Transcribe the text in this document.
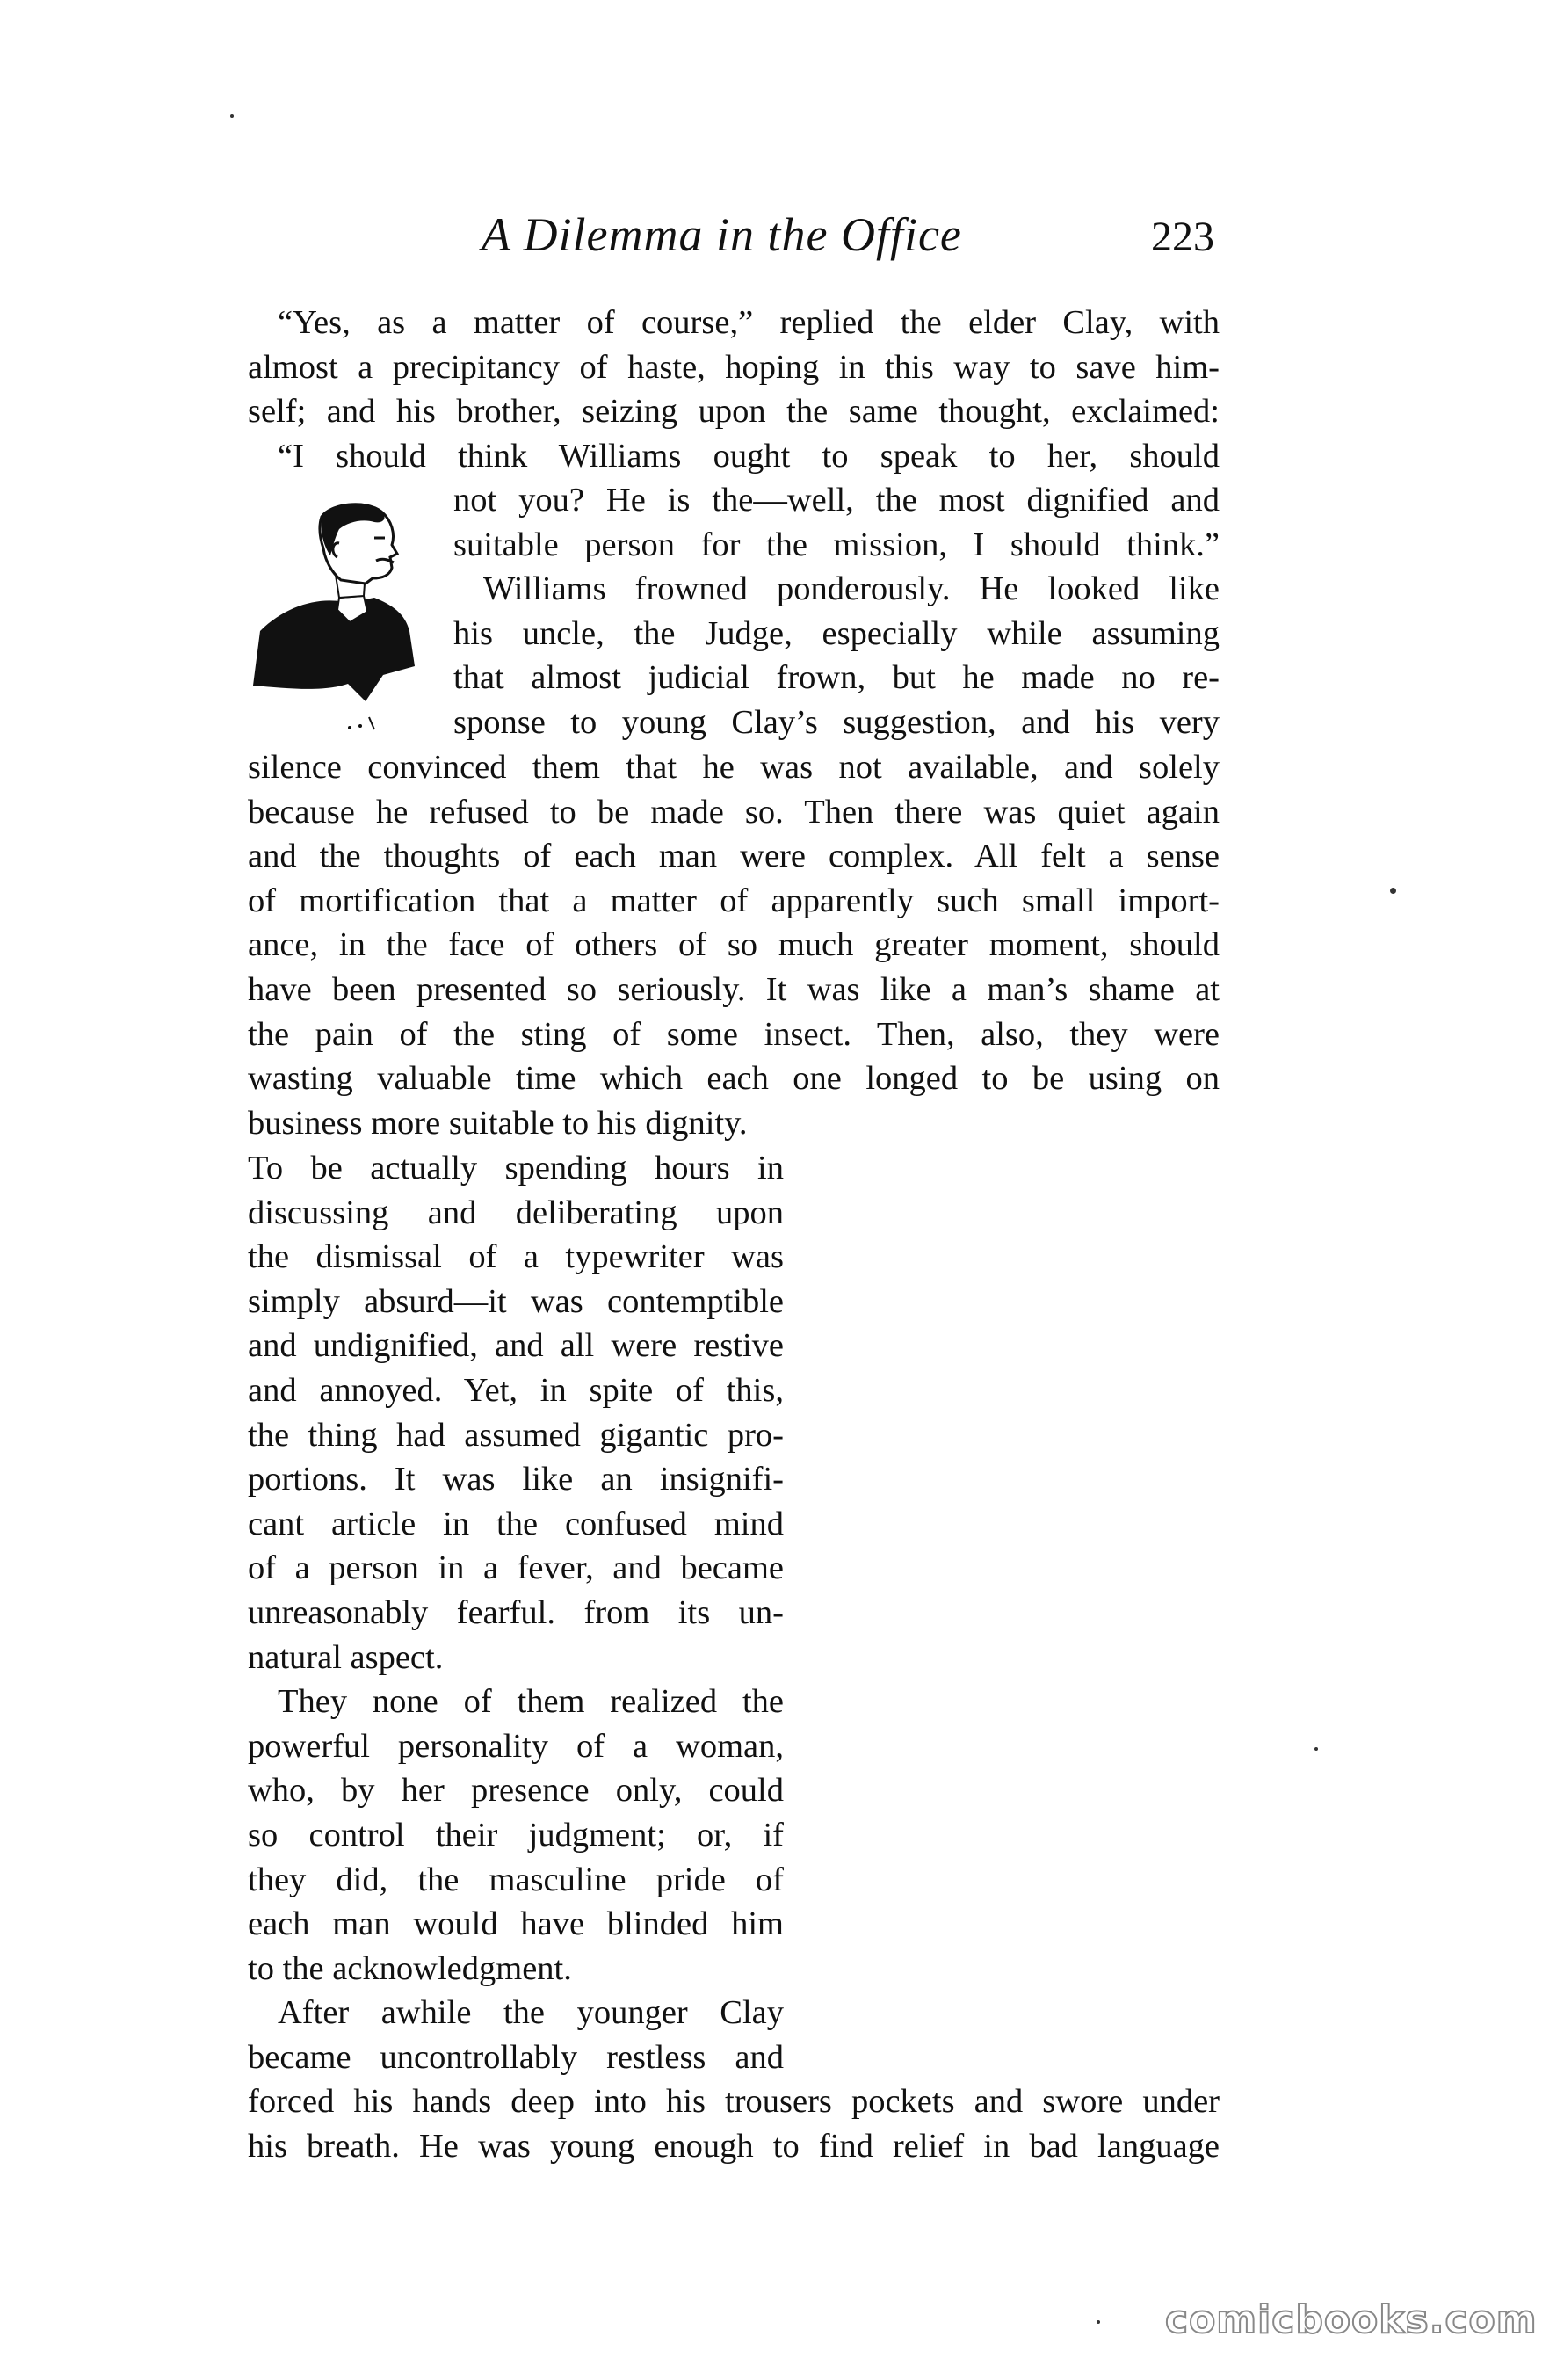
A Dilemma in the Office	223
“Yes, as a matter of course,” replied the elder Clay, with
almost a precipitancy of haste, hoping in this way to save him-
self; and his brother, seizing upon the same thought, exclaimed:
“I should think Williams ought to speak to her, should
not you? He is the—well, the most dignified and
suitable person for the mission, I should think.”
Williams frowned ponderously. He looked like
his uncle, the Judge, especially while assuming
that almost judicial frown, but he made no re-
sponse to young Clay’s suggestion, and his very
silence convinced them that he was not available, and solely
because he refused to be made so. Then there was quiet again
and the thoughts of each man were complex. All felt a sense
of mortification that a matter of apparently such small import-
ance, in the face of others of so much greater moment, should
have been presented so seriously. It was like a man’s shame at
the pain of the sting of some insect. Then, also, they were
wasting valuable time which each one longed to be using on
business more suitable to his dignity.
To be actually spending hours in
discussing and deliberating upon
the dismissal of a typewriter was
simply absurd—it was contemptible
and undignified, and all were restive
and annoyed. Yet, in spite of this,
the thing had assumed gigantic pro-
portions. It was like an insignifi-
cant article in the confused mind
of a person in a fever, and became
unreasonably fearful. from its un-
natural aspect.
They none of them realized the
powerful personality of a woman,
who, by her presence only, could
so control their judgment; or, if
they did, the masculine pride of
each man would have blinded him
to the acknowledgment.
After awhile the younger Clay
became uncontrollably restless and
forced his hands deep into his trousers pockets and swore under
his breath. He was young enough to find relief in bad language
comicbooks.com
